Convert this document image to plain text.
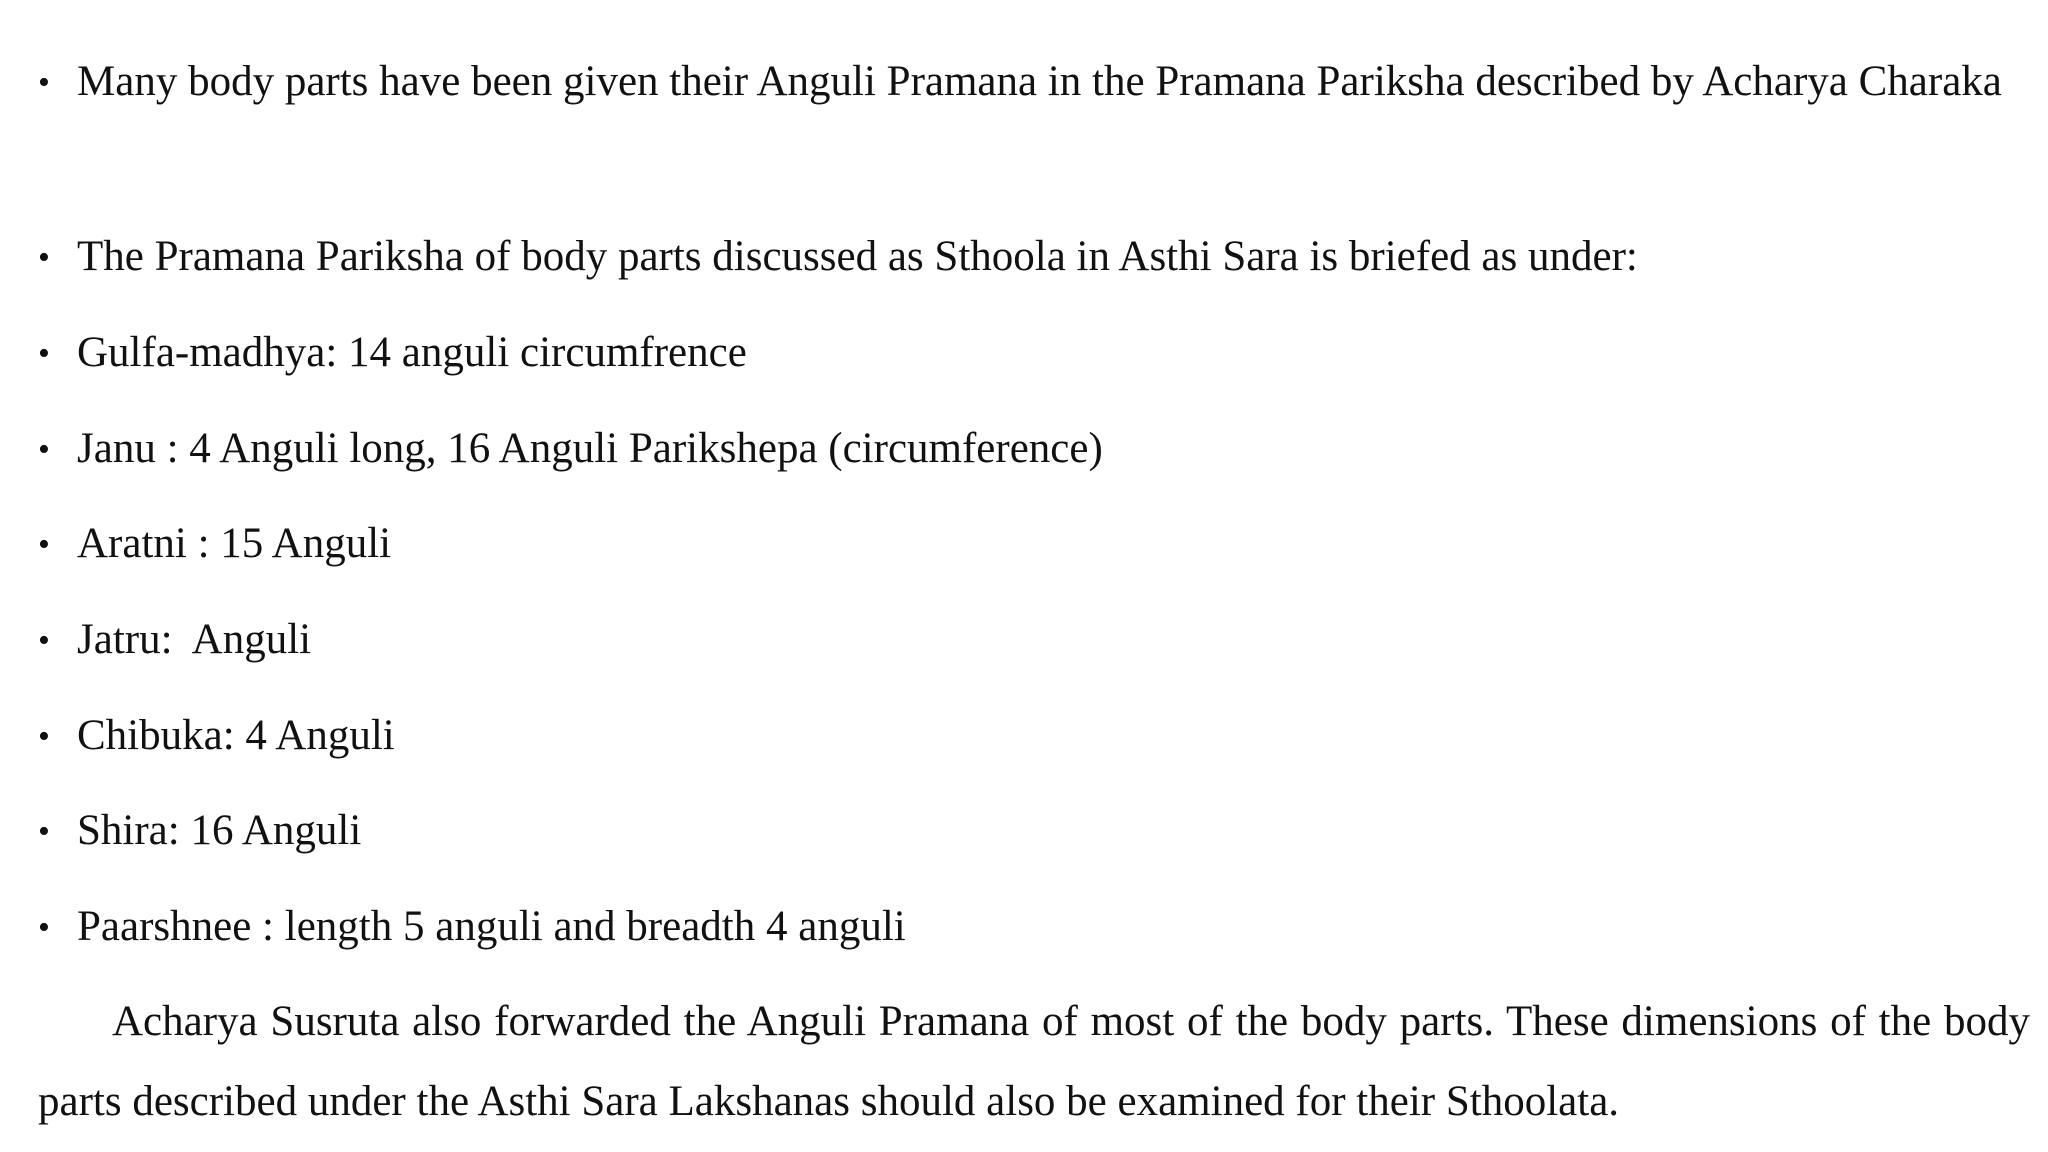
• Many body parts have been given their Anguli Pramana in the Pramana Pariksha described by Acharya Charaka
• The Pramana Pariksha of body parts discussed as Sthoola in Asthi Sara is briefed as under:
• Gulfa-madhya: 14 anguli circumfrence
• Janu : 4 Anguli long, 16 Anguli Parikshepa (circumference)
• Aratni : 15 Anguli
• Jatru:  Anguli
• Chibuka: 4 Anguli
• Shira: 16 Anguli
• Paarshnee : length 5 anguli and breadth 4 anguli

Acharya Susruta also forwarded the Anguli Pramana of most of the body parts. These dimensions of the body parts described under the Asthi Sara Lakshanas should also be examined for their Sthoolata.
